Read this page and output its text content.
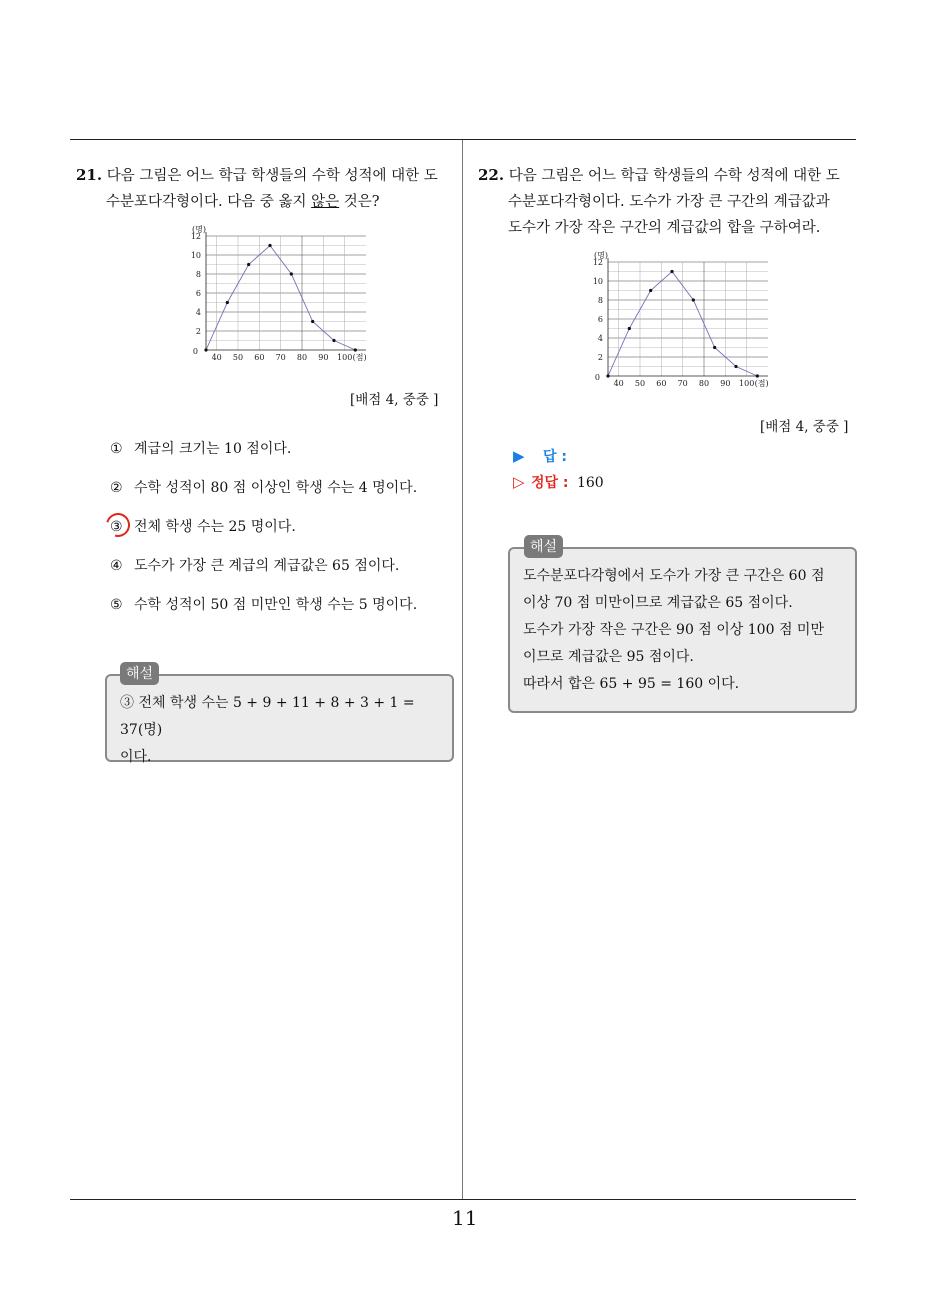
21. 다음 그림은 어느 학급 학생들의 수학 성적에 대한 도
수분포다각형이다. 다음 중 옳지 않은 것은?
2
4
6
8
10
12
0
40 50 60 70 80 90 100 (점)
(명)
[배점 4, 중중 ]
① 계급의 크기는 10 점이다.
② 수학 성적이 80 점 이상인 학생 수는 4 명이다.
③ 전체 학생 수는 25 명이다.
④ 도수가 가장 큰 계급의 계급값은 65 점이다.
⑤ 수학 성적이 50 점 미만인 학생 수는 5 명이다.
③ 전체 학생 수는 5 + 9 + 11 + 8 + 3 + 1 = 37(명)
이다.
해설
22. 다음 그림은 어느 학급 학생들의 수학 성적에 대한 도
수분포다각형이다. 도수가 가장 큰 구간의 계급값과
도수가 가장 작은 구간의 계급값의 합을 구하여라.
2
4
6
8
10
12
0
40 50 60 70 80 90 100 (점)
(명)
[배점 4, 중중 ]
▶ 답 :
▷ 정답 : 160
도수분포다각형에서 도수가 가장 큰 구간은 60 점
이상 70 점 미만이므로 계급값은 65 점이다.
도수가 가장 작은 구간은 90 점 이상 100 점 미만
이므로 계급값은 95 점이다.
따라서 합은 65 + 95 = 160 이다.
해설
11
